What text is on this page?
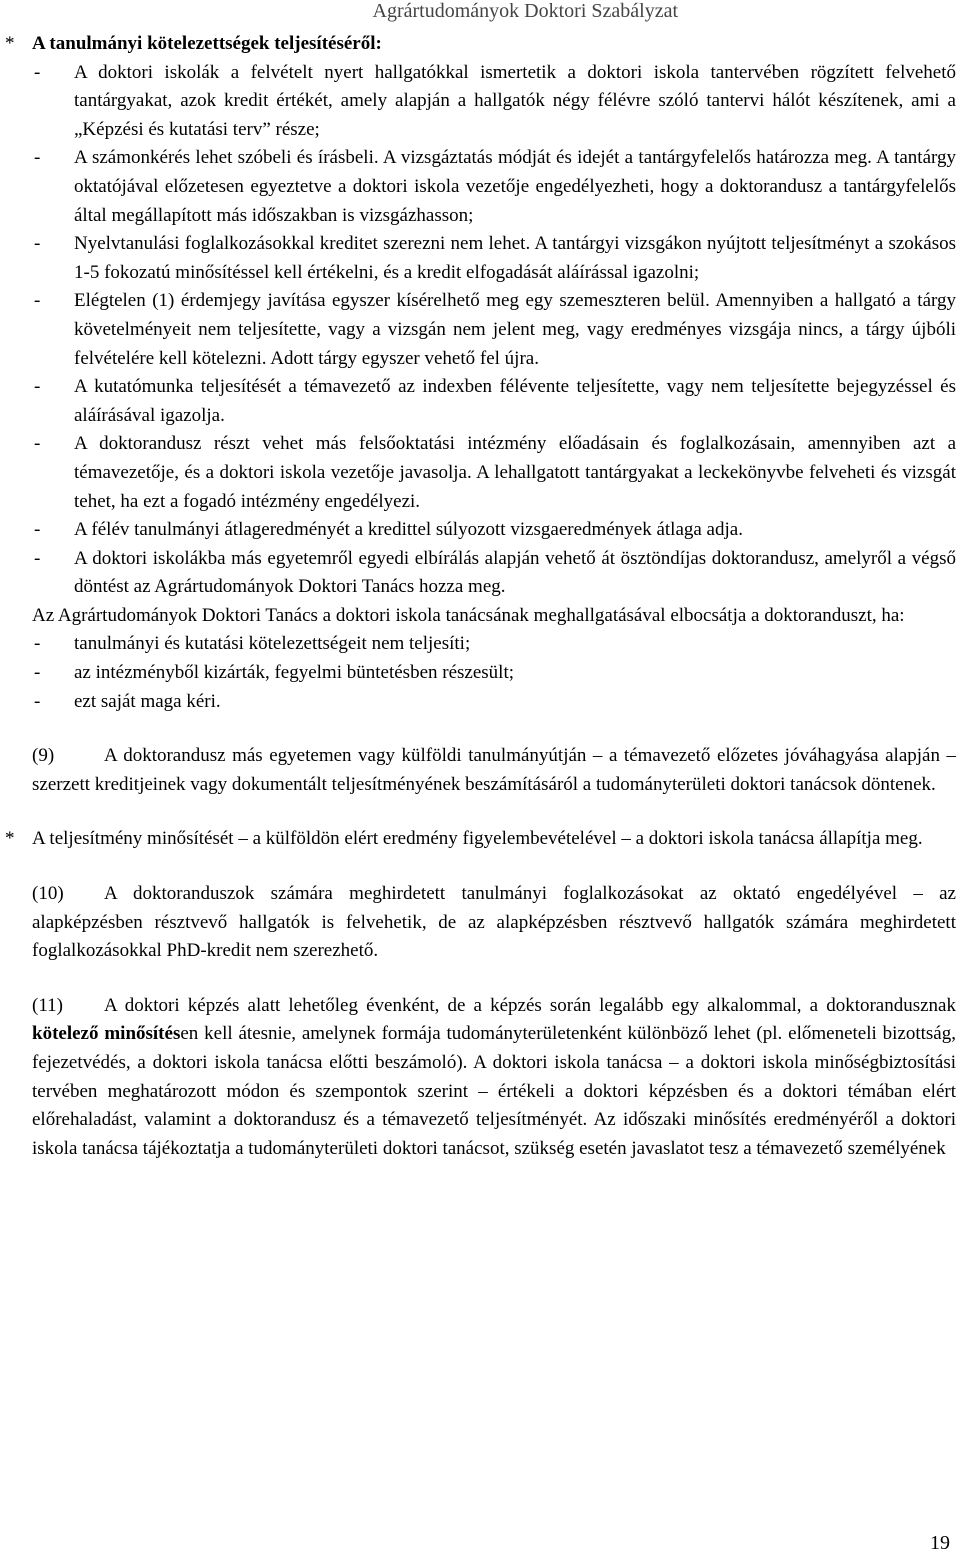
Agrártudományok Doktori Szabályzat
* A tanulmányi kötelezettségek teljesítéséről:

- A doktori iskolák a felvételt nyert hallgatókkal ismertetik a doktori iskola tantervében rögzített felvehető tantárgyakat, azok kredit értékét, amely alapján a hallgatók négy félévre szóló tantervi hálót készítenek, ami a „Képzési és kutatási terv” része;
- A számonkérés lehet szóbeli és írásbeli. A vizsgáztatás módját és idejét a tantárgyfelelős határozza meg. A tantárgy oktatójával előzetesen egyeztetve a doktori iskola vezetője engedélyezheti, hogy a doktorandusz a tantárgyfelelős által megállapított más időszakban is vizsgázhasson;
- Nyelvtanulási foglalkozásokkal kreditet szerezni nem lehet. A tantárgyi vizsgákon nyújtott teljesítményt a szokásos 1-5 fokozatú minősítéssel kell értékelni, és a kredit elfogadását aláírással igazolni;
- Elégtelen (1) érdemjegy javítása egyszer kísérelhető meg egy szemeszteren belül. Amennyiben a hallgató a tárgy követelményeit nem teljesítette, vagy a vizsgán nem jelent meg, vagy eredményes vizsgája nincs, a tárgy újbóli felvételére kell kötelezni. Adott tárgy egyszer vehető fel újra.
- A kutatómunka teljesítését a témavezető az indexben félévente teljesítette, vagy nem teljesítette bejegyzéssel és aláírásával igazolja.
- A doktorandusz részt vehet más felsőoktatási intézmény előadásain és foglalkozásain, amennyiben azt a témavezetője, és a doktori iskola vezetője javasolja. A lehallgatott tantárgyakat a leckekönyvbe felveheti és vizsgát tehet, ha ezt a fogadó intézmény engedélyezi.
- A félév tanulmányi átlageredményét a kredittel súlyozott vizsgaeredmények átlaga adja.
- A doktori iskolákba más egyetemről egyedi elbírálás alapján vehető át ösztöndíjas doktorandusz, amelyről a végső döntést az Agrártudományok Doktori Tanács hozza meg.

Az Agrártudományok Doktori Tanács a doktori iskola tanácsának meghallgatásával elbocsátja a doktoranduszt, ha:

- tanulmányi és kutatási kötelezettségeit nem teljesíti;
- az intézményből kizárták, fegyelmi büntetésben részesült;
- ezt saját maga kéri.

(9)	A doktorandusz más egyetemen vagy külföldi tanulmányútján – a témavezető előzetes jóváhagyása alapján – szerzett kreditjeinek vagy dokumentált teljesítményének beszámításáról a tudományterületi doktori tanácsok döntenek.

* A teljesítmény minősítését – a külföldön elért eredmény figyelembevételével – a doktori iskola tanácsa állapítja meg.

(10) A doktoranduszok számára meghirdetett tanulmányi foglalkozásokat az oktató engedélyével – az alapképzésben résztvevő hallgatók is felvehetik, de az alapképzésben résztvevő hallgatók számára meghirdetett foglalkozásokkal PhD-kredit nem szerezhető.

(11) A doktori képzés alatt lehetőleg évenként, de a képzés során legalább egy alkalommal, a doktorandusznak kötelező minősítésen kell átesnie, amelynek formája tudományterületenként különböző lehet (pl. előmeneteli bizottság, fejezetvédés, a doktori iskola tanácsa előtti beszámoló). A doktori iskola tanácsa – a doktori iskola minőségbiztosítási tervében meghatározott módon és szempontok szerint – értékeli a doktori képzésben és a doktori témában elért előrehaladást, valamint a doktorandusz és a témavezető teljesítményét. Az időszaki minősítés eredményéről a doktori iskola tanácsa tájékoztatja a tudományterületi doktori tanácsot, szükség esetén javaslatot tesz a témavezető személyének

19
